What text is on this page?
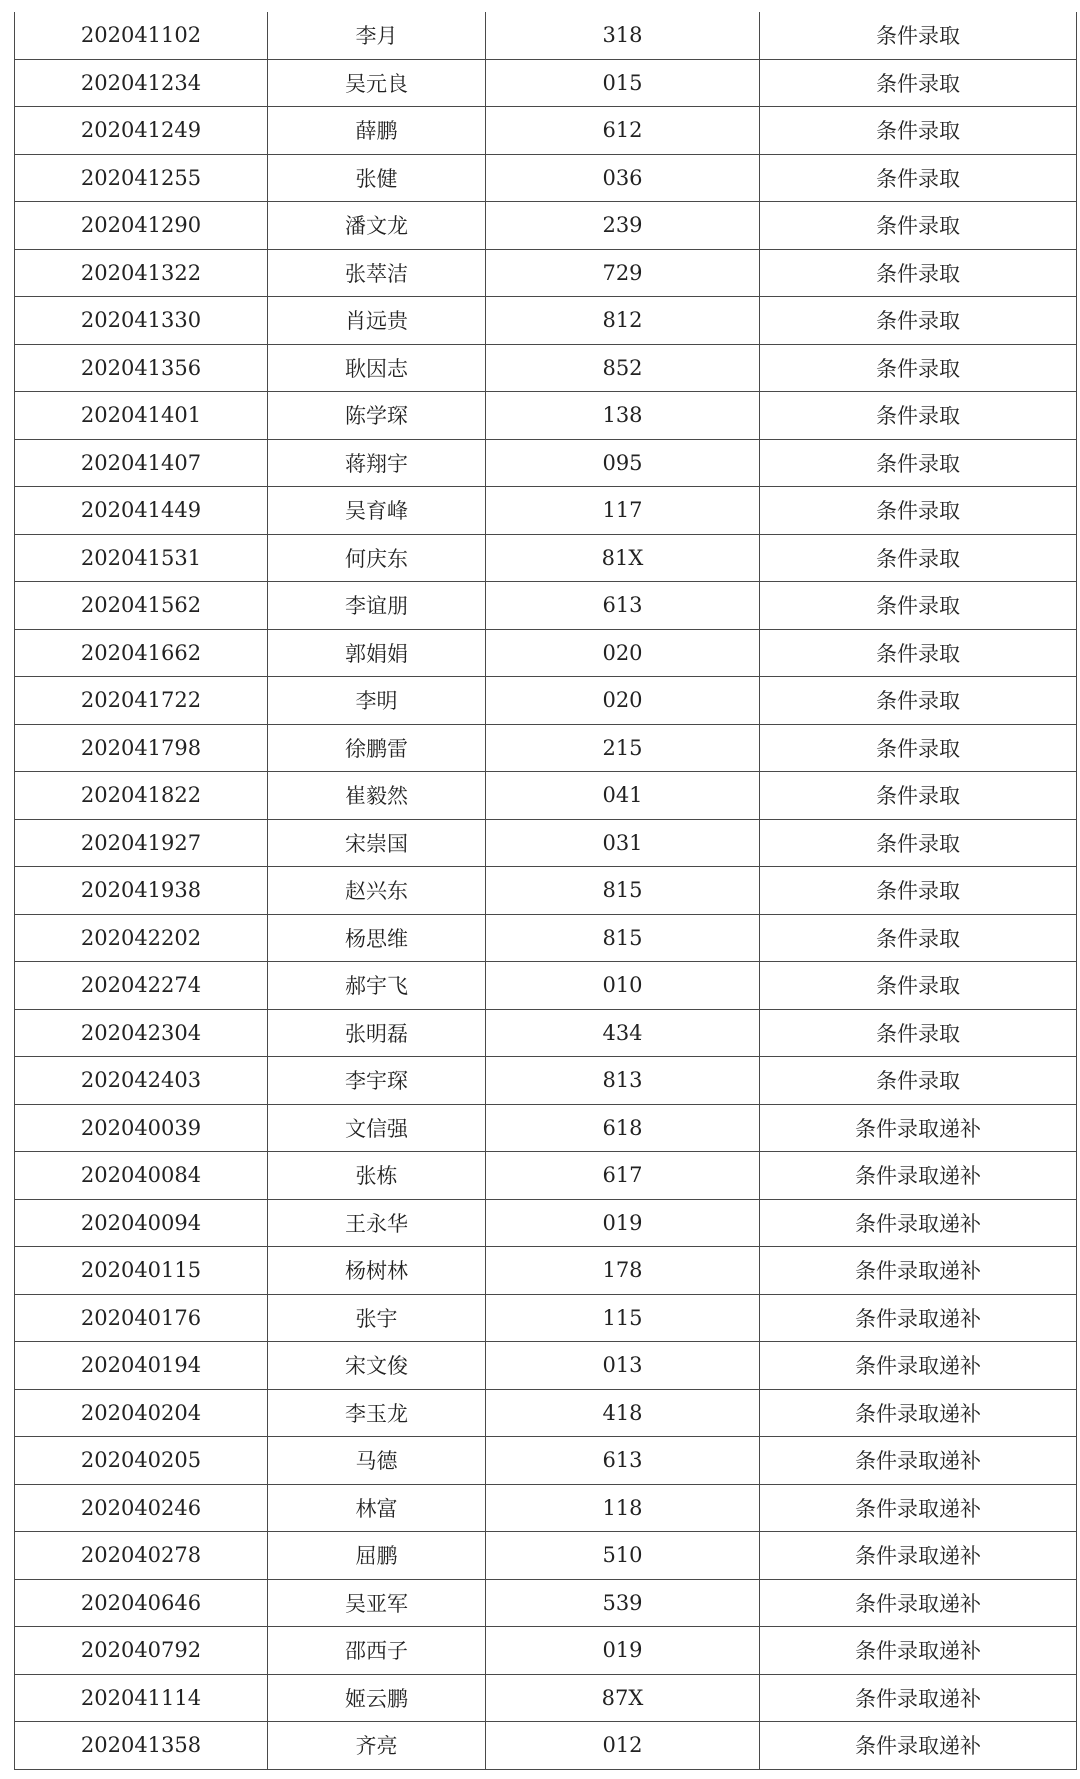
202041102	李月	318	条件录取
202041234	吴元良	015	条件录取
202041249	薛鹏	612	条件录取
202041255	张健	036	条件录取
202041290	潘文龙	239	条件录取
202041322	张萃洁	729	条件录取
202041330	肖远贵	812	条件录取
202041356	耿因志	852	条件录取
202041401	陈学琛	138	条件录取
202041407	蒋翔宇	095	条件录取
202041449	吴育峰	117	条件录取
202041531	何庆东	81X	条件录取
202041562	李谊朋	613	条件录取
202041662	郭娟娟	020	条件录取
202041722	李明	020	条件录取
202041798	徐鹏雷	215	条件录取
202041822	崔毅然	041	条件录取
202041927	宋崇国	031	条件录取
202041938	赵兴东	815	条件录取
202042202	杨思维	815	条件录取
202042274	郝宇飞	010	条件录取
202042304	张明磊	434	条件录取
202042403	李宇琛	813	条件录取
202040039	文信强	618	条件录取递补
202040084	张栋	617	条件录取递补
202040094	王永华	019	条件录取递补
202040115	杨树林	178	条件录取递补
202040176	张宇	115	条件录取递补
202040194	宋文俊	013	条件录取递补
202040204	李玉龙	418	条件录取递补
202040205	马德	613	条件录取递补
202040246	林富	118	条件录取递补
202040278	屈鹏	510	条件录取递补
202040646	吴亚军	539	条件录取递补
202040792	邵西子	019	条件录取递补
202041114	姬云鹏	87X	条件录取递补
202041358	齐亮	012	条件录取递补
